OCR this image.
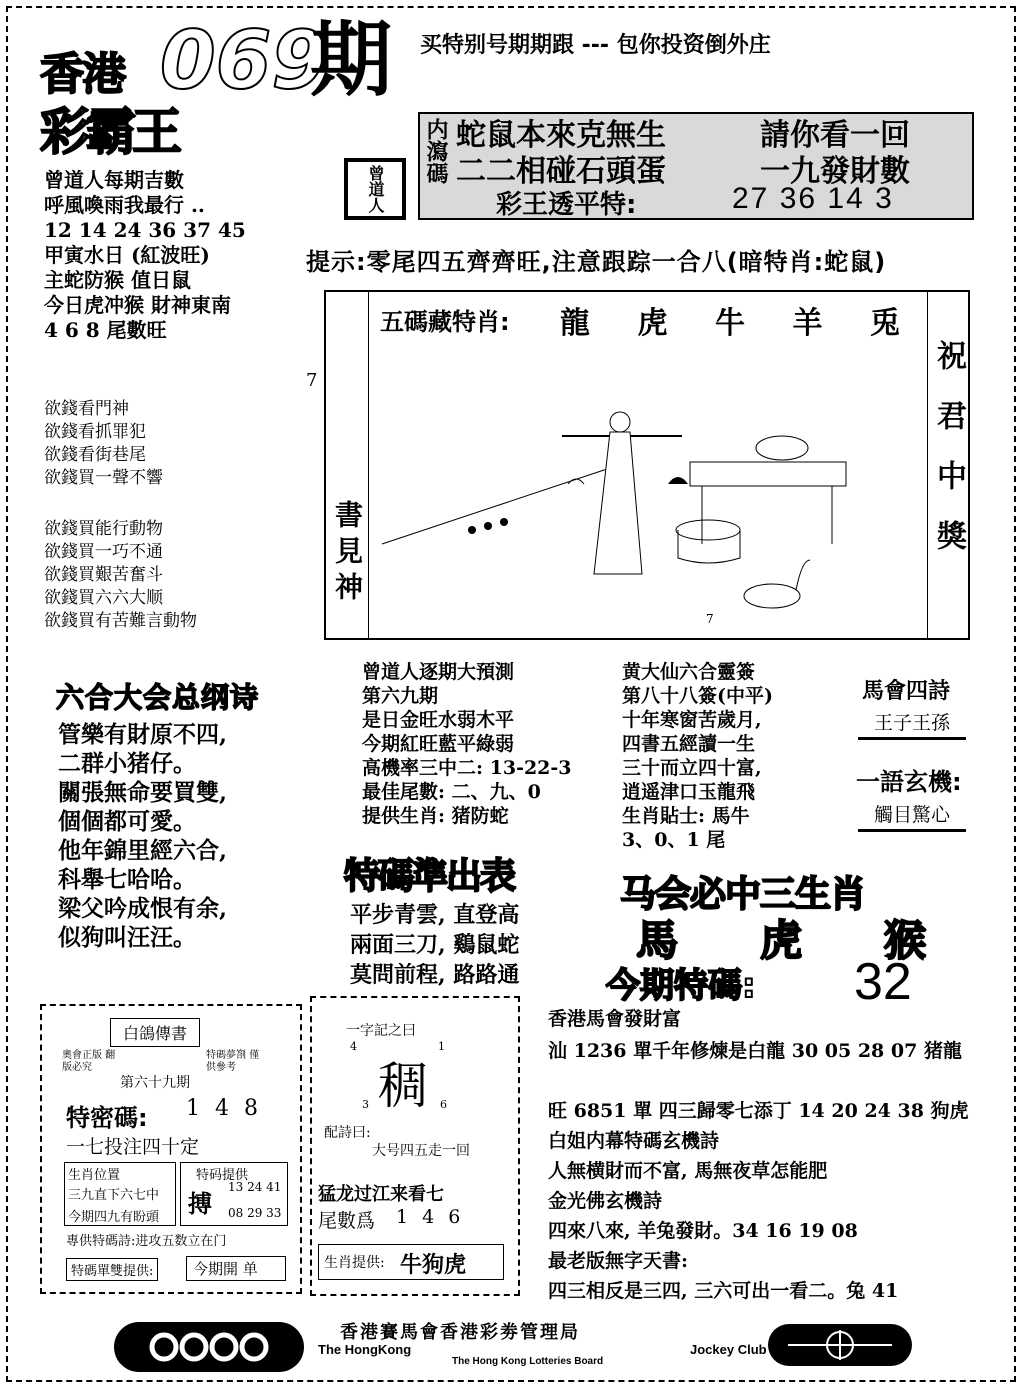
香港 069
期
彩霸王
买特别号期期跟 --- 包你投资倒外庄
内瀉碼 蛇鼠本來克無生	請你看一回
二二相碰石頭蛋	一九發財數
彩王透平特:	27 36 14 3
曾道人
提示:零尾四五齊齊旺,注意跟踪一合八(暗特肖:蛇鼠)
曾道人每期吉數
呼風喚雨我最行 ..
12 14 24 36 37 45
甲寅水日 (紅波旺)
主蛇防猴 值日鼠
今日虎冲猴 財神東南
4 6 8 尾數旺
欲錢看門神
欲錢看抓罪犯
欲錢看街巷尾
欲錢買一聲不響
欲錢買能行動物
欲錢買一巧不通
欲錢買艱苦奮斗
欲錢買六六大顺
欲錢買有苦難言動物
7
五碼藏特肖: 龍 虎 牛 羊 兎
書見神	祝君中獎
7
六合大会总纲诗
管樂有財原不四,
二群小猪仔。
關張無命要買雙,
個個都可愛。
他年錦里經六合,
科舉七哈哈。
梁父吟成恨有余,
似狗叫汪汪。
曾道人逐期大預測
第六九期
是日金旺水弱木平
今期紅旺藍平綠弱
高機率三中二: 13-22-3
最佳尾數: 二、九、0
提供生肖: 猪防蛇
黄大仙六合靈簽
第八十八簽(中平)
十年寒窗苦歲月,
四書五經讀一生
三十而立四十富,
逍遥津口玉龍飛
生肖貼士: 馬牛
3、0、1 尾
馬會四詩
王子王孫
一語玄機:
觸目驚心
特碼準出表
平步青雲, 直登高
兩面三刀, 鷄鼠蛇
莫問前程, 路路通
马会必中三生肖
馬 虎 猴
今期特碼: 32
香港馬會發財富
汕 1236 單千年修煉是白龍 30 05 28 07 猪龍
旺 6851 單 四三歸零七添丁 14 20 24 38 狗虎
白姐内幕特碼玄機詩
人無横財而不富, 馬無夜草怎能肥
金光佛玄機詩
四來八來, 羊兔發財。34 16 19 08
最老版無字天書:
四三相反是三四, 三六可出一看二。兔 41
白鴿傳書
奧會正版 翻版必究
特碼夢劄 僅供參考
第六十九期
特密碼: 1 4 8
一七投注四十定
生肖位置
三九直下六七中
今期四九有盼頭
特码提供
搏
13 24 41
08 29 33
專供特碼詩:进攻五数立在门
特碼單雙提供:	今期開 单
一字記之曰
4	1
稠
3	6
配詩曰:
大号四五走一回
猛龙过江来看七
尾數爲 1 4 6
生肖提供: 牛狗虎
香港賽馬會香港彩劵管理局
The HongKong	Jockey Club
The Hong Kong Lotteries Board
